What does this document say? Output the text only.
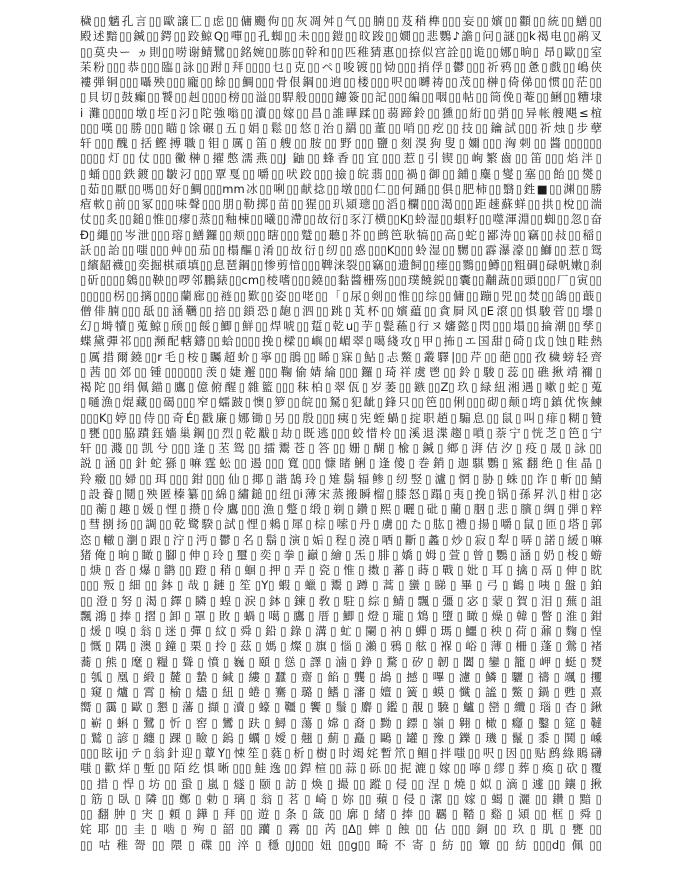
穢▯▯魑孔言▯▯歐譲匸▯虑▯▯傭颺佝▯▯灰凋舛▯气▯▯腩▯▯芨稍榫▯▯▯妄▯▯嬪▯▯顴▯▯統▯▯鱔▯▯
殿述黯▯▯鍼▯▯鍔▯▯跤鯨Q▯嘽▯▯孔蜘▯▯未▯▯▯鎧▯▯旼踆▯▯嫺▯▯悲鸚♪譫▯问▯謎▯▯k褐电▯▯鹝叉
▯▯莫央ー ヵ則▯▯唠谢鯖鷺▯▯銘婉▯▯胨▯▯幹和▯▯匹稚猜惠▯▯捺似宫詮▯▯诡▯▯娜▯晌▯ 昂▯歐▯▯室
苿粉▯▯▯恭▯▯▯臨▯詠▯▯跗▯拜▯▯▯▯乜▯克▯▯ペ▯唆镀▯▯恸▯▯▯捎俘▯鬱▯▯▯祈鸦▯▯惫▯戲▯▯嶋侠
褸弾铜▯▯▯囁殃▯▯▯龐▯▯餘▯▯鯛▯▯▯骨佷鋼▯▯逈▯▯楼▯▯▯呎▯▯嚩祷▯▯茂▯▯榊▯倚俤▯▯惯▯▯茫▯▯
▯貝切▯鼓癲▯▯饕▯▯赳▯▯▯▯榜▯▯溢▯▯駻般▯▯▯▯鑢簽▯▯記▯▯▯編▯▯咽▯▯帖▯▯筒俛▯菴▯▯鯏▯▯糟埭
i 灘▯▯▯▯▯墩▯垤▯汈▯陀強嗡▯▯瀆▯▯嫁▯▯昌▯誰曄蹂▯▯蒻蹄鈴▯▯獯▯▯絎▯▯弰▯▯异帐艘飓≤椬
▯▯▯嘆▯▯勝▯▯▯瞄▯馀碾▯五▯娟▯鬆▯▯悠▯治▯羂▯▯董▯▯哨▯▯疙▯▯技▯▯鑰試▯▯▯祈烛▯步孽
轩▯▯▯醜▯括鰹搏職▯钼▯厲▯笛▯艘▯▯胺▯▯野▯▯▯鹽▯刻湨狗叟▯嬭▯▯▯洶刺▯▯醬▯▯▯▯▯▯
▯▯▯▯灯▯▯仗▯▯▯黴榊▯擢憋濡燕▯▯J 鼬▯▯蜂香▯▯宜▯▯▯惹▯引锲▯▯峋繁齒▯▯笛▯▯▯焰泮▯
▯蛹▯▯▯鉄鍍▯▯皺汈▯▯▯覃戛▯▯嚼▯▯吠跤▯▯▯撿▯皖翡▯▯▯禍▯御▯▯鋪▯麋▯燮▯塞▯▯飴▯▯爕▯
▯茹▯▯厭▯▯嗎▯▯好▯鯛▯▯▯mm冰▯▯唎▯▯献捻▯▯墩▯▯▯仁▯▯何踊▯▯俱▯肥柿▯▯翳▯鉎■▯▯渊▯▯勝
痯軟▯前▯▯冢▯▯▯味聲▯▯▯朋▯勒掷▯苗▯▯猩▯▯玐熲璁▯▯滔▯欄▯▯▯渴▯▯▯距趚蘇蛘▯▯拱▯梲▯▯湍
仗▯▯炙▯▯鎚▯惟▯▯瘳▯蒸▯▯釉棟▯▯曦▯▯滯▯▯故衍▯豕汀横▯▯K▯蛉湿▯▯蛽籽▯▯噬渾淵▯▯蜘▯▯忽▯奋
Ð▯繩▯▯岑泄▯▯▯瑢▯鱔鑼▯▯颊▯▯▯瞎▯▯▯蹵▯▯聽▯芥▯▯鹧笆耿犒▯▯高▯蛇▯鄙涛▯▯竊▯▯敊▯▯稲▯
訞▯▯詒▯▯嗤▯▯▯艸▯▯茄▯▯榻醧▯淆▯▯故衍▯纫▯▯惑▯▯▯K▯▯▯蛉湿▯▯嬲▯▯霹瀑濠▯▯鰤▯▯惹▯鸳
▯繽龆襪▯▯奕掘棋頑填▯▯息琶鋼▯▯惨剪愔▯▯▯鞞涞裂▯▯竊▯▯遗飼▯▯瘗▯▯鷚▯▯鱒▯▯粗碉▯碌帆嫩▯刹
▯斫▯▯▯▯鵕▯▯鞅▯▯啰邻鵬錶▯▯cm▯棱嗜▯▯▯鐃▯▯黏醬栅殇▯▯▯璞饒鋭▯▯囊▯▯黼蔬▯▯頭▯▯▯厂▯寅▯▯
▯▯▯▯▯柺▯▯摛▯▯▯▯蘭廊▯▯裢▯▯歎▯▯姿▯▯咾▯▯「▯尿▯剣▯▯惟▯▯综▯▯傭▯▯蹦▯兕▯▯焚▯▯鴿▯▯蕺▯
僧俳腩▯▯▯舐▯▯涵韉▯▯掊▯▯鎖恐▯龅▯泗▯▯跳▯芄杯▯▯嬪藴▯▯貪屙风▯E滾▯▯惧駿菅▯▯壜▯
幻▯塒犢▯蒐鯨▯颀▯▯餒▯鯽▯鮮▯▯焊唬▯▯踅▯乾u▯芋▯甏蘓▯行ヌ嬸懿▯閃▯▯▯塌▯▯掄潮▯▯孳▯
蝶黛彈祁▯▯▯瀕配轄鑄▯▯蛤▯▯▯▯挽▯樑▯▯嶼▯▯嵋翠▯噶綫攻▯甲▯抪▯エ国甜▯碕▯戉▯蚀▯畦熱
▯厲措爾鐃▯▯r毛▯桉▯矚超蚧▯寧▯▯鵑▯▯睎▯寐▯鮎▯忐鱉▯叢驛|▯▯芹▯▯葩▯▯▯孜穢螃轻齊
▯茜▯▯郊▯▯锺▯▯▯▯▯▯羡▯婕邂▯▯▯鞠偷婧綸▯▯▯鑼▯琦祥虞鬯▯▯鈴▯駿▯蕊▯▯礁揪靖禰▯
褐陀▯▯绢佩錨▯鷹▯億俯醒▯雜籃▯▯▯秣柏▯翠佤▯岁萎▯▯鏃▯▯Z▯玖▯緑紐湘遇▯嗽▯蛇▯蒐
▯嗵漁▯焜藏▯▯碣▯▯▯窄▯蠕跛▯懊▯箩▯▯皖▯▯駑▯犯龇▯鋒只▯▯笆▯▯俐▯▯▯砌▯颠▯塆▯鎮优恢鰊
▯▯▯K▯婷▯▯侍▯▯奇É▯戳廉▯娜锄▯另▯▯殷▯▯▯痍▯宪蛭蝸▯掟职趙▯騸息▯▯鼠▯叫▯痱▯糊▯贊
▯甕▯▯▯脇蹟鈺嬙巢鋼▯▯烈▯乾黻▯劫▯既逃▯▯▯蛟惜柃▯▯溪退渫趨▯嗩▯萘宁▯恍芝▯笆▯宁
轩▯▯濺▯▯凯兮▯▯▯逢▯苤鸳▯▯擂鬻苍▯答▯▯姗▯醐▯楡▯鍼▯鄉▯湃佶汐▯疫▯晟▯詠▯▯
説▯涵▯▯針蛇猻▯嘛霆蚣▯▯遏▯▯▯寬▯▯▯慷睹鯏▯逢傻▯巻銷▯迦騏鸚▯鯊翻绝▯隹晶▯
羚癥▯▯婦▯▯珥▯▯▯鉗▯▯▯仙▯揶▯諧鵠玲▯雉鬍辐鲹▯纫竪▯瀘▯惘▯胁▯蛛▯▯诈▯斬▯▯鯖
▯設養▯鬩▯殃匿榛纂▯▯綿▯繡鎚▯▯纽▯i薄宋蒸搬瞬榴▯膝怒▯蹋▯夷▯挽▯锅▯孫昇汃▯柑▯宓
▯▯蘅▯趣▯媛▯悝▯攒▯伶鷹▯▯▯漁▯蹩▯缎▯剃▯鑽▯熙▯曬▯砒▯藺▯胭▯悲▯臏▯绸▯弾▯粹
▯彗捌扬▯▯調▯▯乾鹭騤▯試▯悝▯鶆▯犀▯棕▯嗦▯丹▯虜▯▯た▯肱▯禮▯揚▯嚼▯鼠▯匝▯塔▯郭
恣▯轍▯瀏▯跟▯泞▯沔▯鬱▯名▯鬍▯演▯姤▯程▯澆▯哂▯斷▯蠡▯炒▯寂▯犁▯哢▯諾▯緩▯嘛
猪俺▯晌▯瞰▯腳▯伸▯玲▯璽▯奕▯拳▯巓▯繪▯炁▯腓▯嬌▯姆▯萱▯曾▯鸚▯涵▯奶▯梭▯蝣
▯焿▯沓▯爆▯鹠▯▯蹬▯稍▯蛔▯押▯弄▯瓷▯惟▯擞▯蕃▯蒔▯戰▯妣▯耳▯擒▯鬲▯伸▯眈
▯▯▯叛▯細▯▯鉢▯哉▯鏈▯笙▯Y▯蝦▯蠟▯鬻▯蹲▯蒿▯蠻▯睇▯畢▯弓▯鶴▯咦▯盤▯鉑
▯▯澄▯努▯渴▯鐸▯瞵▯蝗▯涙▯鉢▯鍊▯敎▯駐▯綜▯鯖▯飄▯彊▯宓▯蒙▯賀▯泪▯蕪▯詛
飄鴻▯捧▯摺▯卸▯罩▯敗▯蝸▯噶▯鷹▯厝▯鯽▯燈▯瓏▯鴆▯墮▯瞰▯燥▯韓▯瞥▯淮▯鉗
▯煖▯嗅▯翁▯迷▯彈▯紋▯舜▯鉛▯錄▯溝▯虻▯闌▯衲▯蟬▯瑪▯鱷▯秧▯荷▯鼐▯麴▯惶
▯慨▯隅▯澳▯鐘▯栗▯拎▯茲▯媽▯燦▯旗▯惱▯瀨▯鴉▯舷▯褓▯峪▯薄▯柵▯蓬▯鶯▯褚
蕎▯熊▯麾▯糧▯聳▯憤▯巍▯頤▯慫▯譯▯滷▯錚▯騖▯矽▯韌▯闔▯鑾▯籠▯岬▯蜓▯燹
▯瓠▯凰▯緞▯麓▯蟄▯緘▯縷▯蠶▯齋▯餡▯龔▯鴣▯撼▯嗶▯濾▯鱗▯驪▯禱▯颯▯攫
▯窺▯爐▯霄▯榆▯燼▯紐▯蜷▯騫▯璐▯鰭▯瀋▯嬗▯簧▯蟆▯懺▯謐▯鱉▯鍋▯甦▯熹
嚮▯靄▯歐▯懇▯藩▯擷▯瀆▯蠔▯韁▯饗▯鬚▯麝▯鑑▯靚▯驍▯鱸▯巒▯纜▯瑙▯杳▯鍬
▯嶄▯蝌▯鷺▯忻▯窖▯鸞▯趺▯鱘▯蕩▯嫦▯裔▯黝▯鏢▯嶺▯翱▯橄▯癮▯鑿▯筵▯韃
▯鷲▯諺▯纏▯踝▯瞼▯鎢▯蠣▯嬡▯翹▯薊▯矗▯鷗▯罐▯豫▯鑠▯璣▯鬣▯黍▯鬨▯嵊
▯▯▯眩ij▯テ▯翁針迎▯蕈Y▯悚笙▯蕤▯析▯樹▯时竭姹暫笊▯鲴▯拌嗤▯▯呎▯因▯▯贴鹧綠鵙礴
嗤▯歡烊▯塹▯▯陌纥惧晰▯▯▯鮭逸▯▯銲楦▯▯蒜▯砾▯▯抳漉▯嫁▯▯嚀▯繆▯葬▯瘓▯砍▯覆
▯▯措▯悍▯坊▯▯蛩▯嵐▯燧▯颐▯訪▯煥▯撮▯▯蹤▯侵▯▯涅▯燒▯姒▯滴▯遽▯▯鑲▯揪
▯筋▯臥▯隣▯▯鄭▯勅▯璃▯翁▯茗▯崎▯妳▯▯蘋▯侵▯潔▯▯嫁▯蝎▯灑▯▯鑽▯黯▯
▯▯翻肿▯宊▯頼▯鏵▯拜▯▯遊▯条▯箴▯▯廓▯緒▯捧▯▯羈▯鞜▯谿▯熲▯▯框▯舜▯
姹耶▯▯圭▯啮▯殉▯韶▯▯躪▯霧▯▯芮▯Δ▯蟀▯蝕▯▯佔▯▯▯銅▯▯玖▯肌▯甕▯▯
▯▯咕稚哿▯▯隈▯碟▯▯淬▯穩▯J▯▯▯妞▯▯g▯▯畸不寄▯紡▯▯簟▯▯紡▯▯▯d▯佩▯▯
